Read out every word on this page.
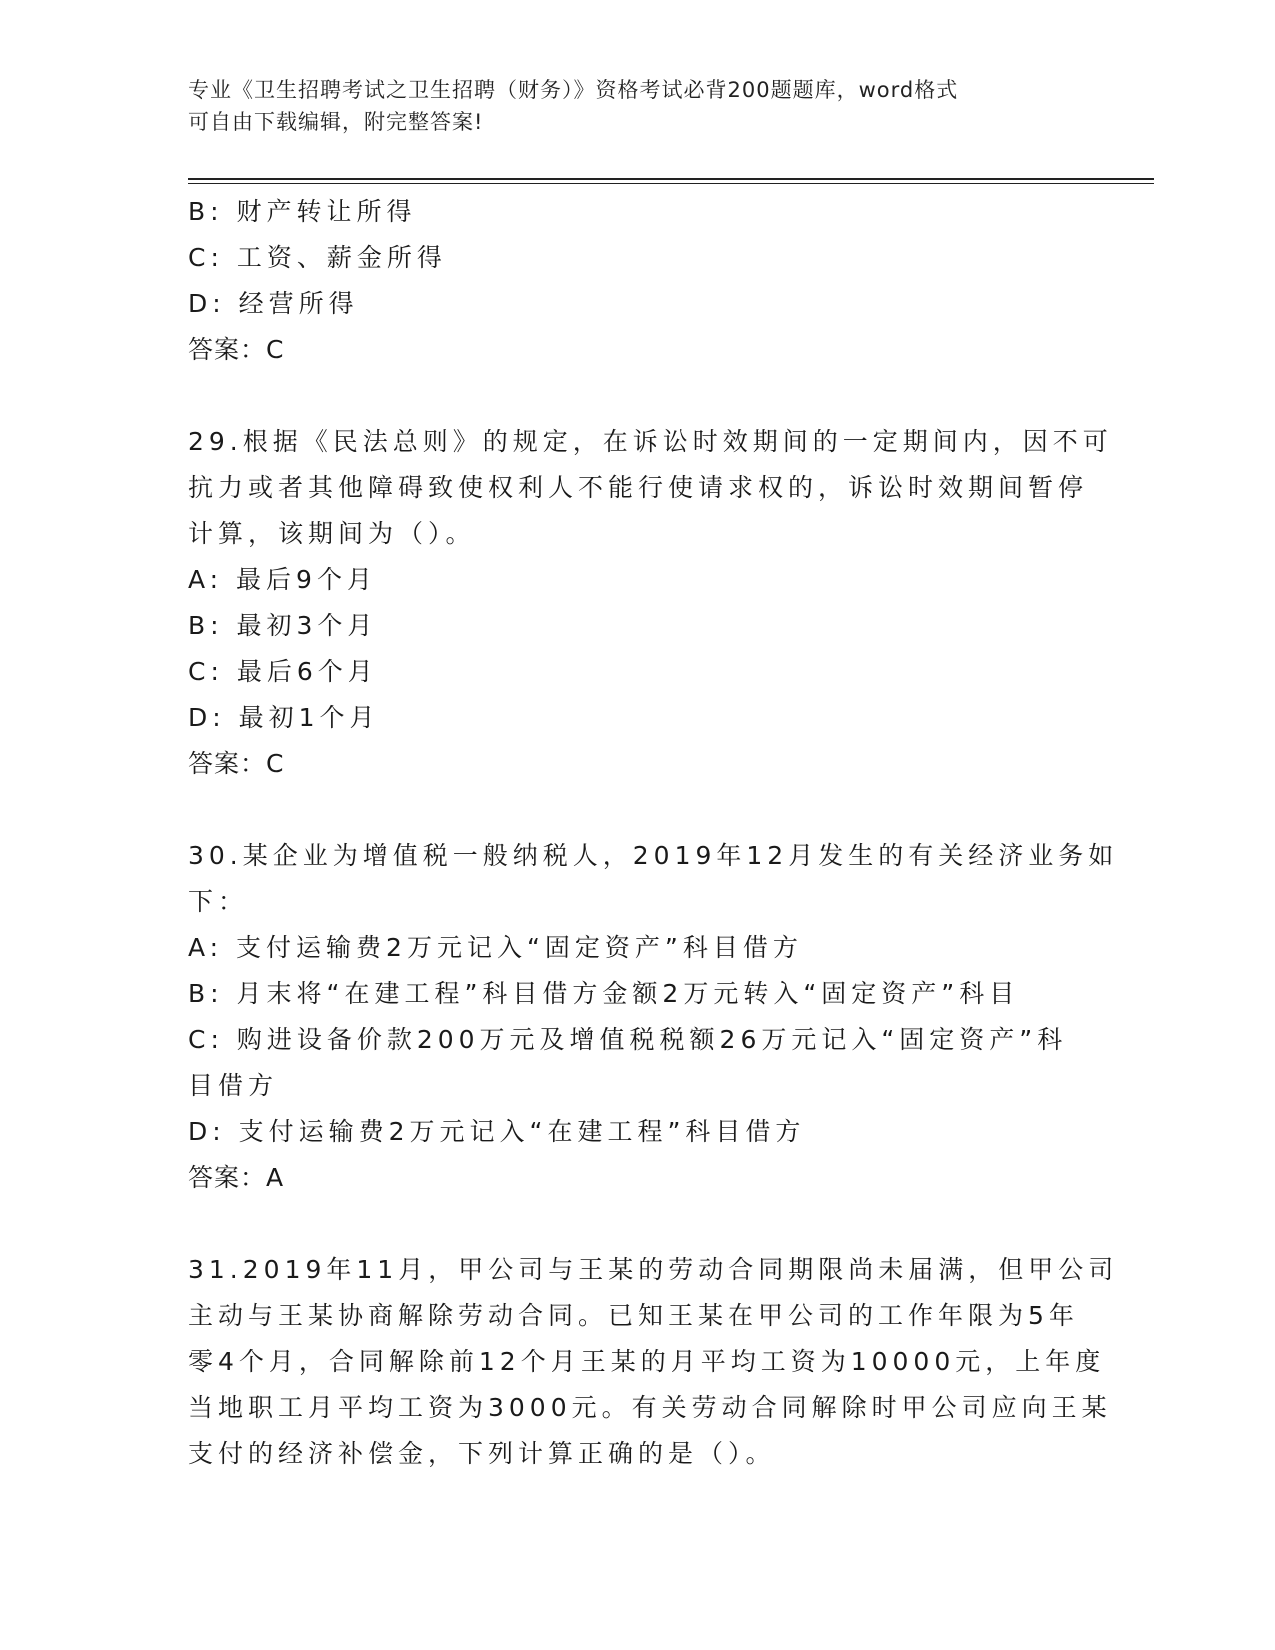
专业《卫生招聘考试之卫生招聘（财务）》资格考试必背200题题库，word格式
可自由下载编辑，附完整答案!
B: 财产转让所得
C: 工资、薪金所得
D: 经营所得
答案：C
29.根据《民法总则》的规定，在诉讼时效期间的一定期间内，因不可
抗力或者其他障碍致使权利人不能行使请求权的，诉讼时效期间暂停
计算，该期间为（）。
A: 最后9个月
B: 最初3个月
C: 最后6个月
D: 最初1个月
答案：C
30.某企业为增值税一般纳税人，2019年12月发生的有关经济业务如
下：
A: 支付运输费2万元记入“固定资产”科目借方
B: 月末将“在建工程”科目借方金额2万元转入“固定资产”科目
C: 购进设备价款200万元及增值税税额26万元记入“固定资产”科
目借方
D: 支付运输费2万元记入“在建工程”科目借方
答案：A
31.2019年11月，甲公司与王某的劳动合同期限尚未届满，但甲公司
主动与王某协商解除劳动合同。已知王某在甲公司的工作年限为5年
零4个月，合同解除前12个月王某的月平均工资为10000元，上年度
当地职工月平均工资为3000元。有关劳动合同解除时甲公司应向王某
支付的经济补偿金，下列计算正确的是（）。
